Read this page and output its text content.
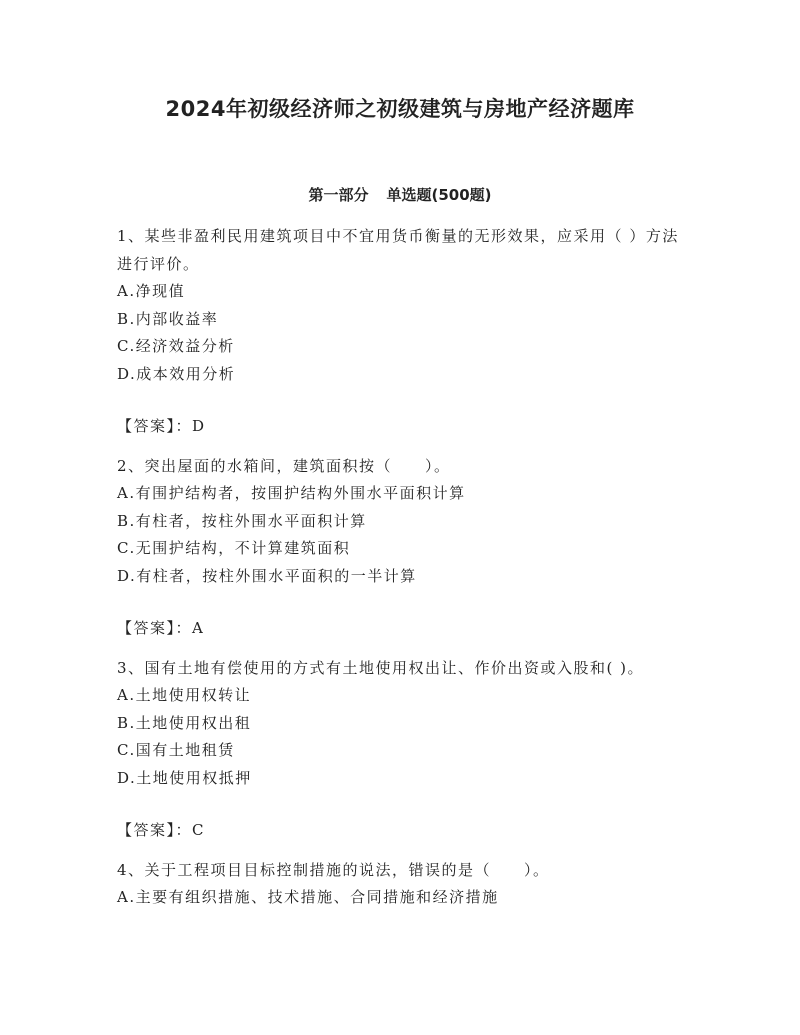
2024年初级经济师之初级建筑与房地产经济题库
第一部分 单选题(500题)

1、某些非盈利民用建筑项目中不宜用货币衡量的无形效果，应采用（ ）方法进行评价。

A.净现值

B.内部收益率

C.经济效益分析

D.成本效用分析

【答案】：D

2、突出屋面的水箱间，建筑面积按（　　）。

A.有围护结构者，按围护结构外围水平面积计算

B.有柱者，按柱外围水平面积计算

C.无围护结构，不计算建筑面积

D.有柱者，按柱外围水平面积的一半计算

【答案】：A

3、国有土地有偿使用的方式有土地使用权出让、作价出资或入股和( )。

A.土地使用权转让

B.土地使用权出租

C.国有土地租赁

D.土地使用权抵押

【答案】：C

4、关于工程项目目标控制措施的说法，错误的是（　　）。

A.主要有组织措施、技术措施、合同措施和经济措施
